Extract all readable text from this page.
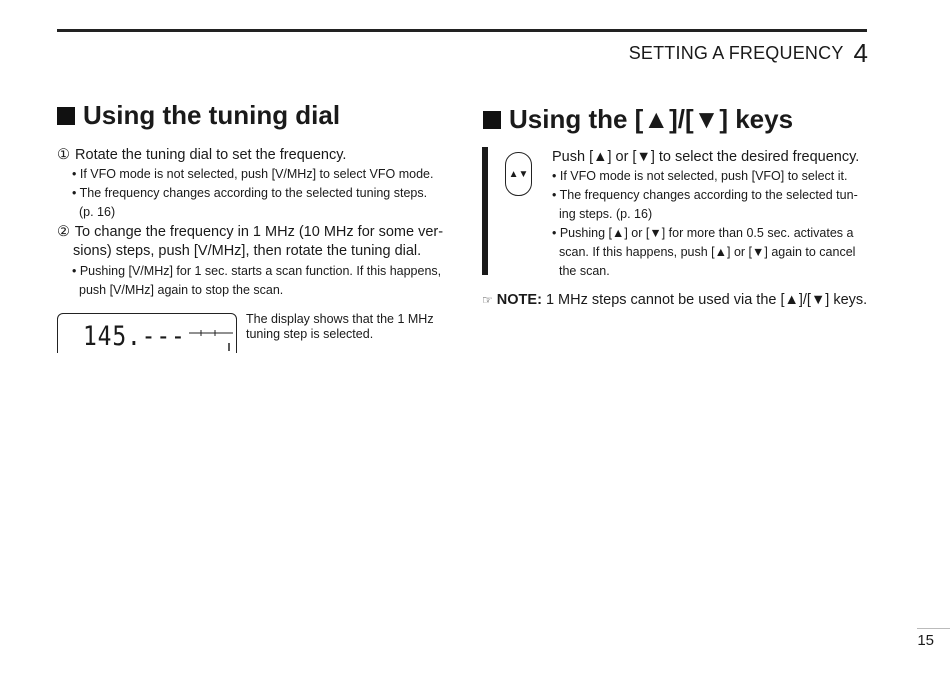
SETTING A FREQUENCY 4
Using the tuning dial
① Rotate the tuning dial to set the frequency.
• If VFO mode is not selected, push [V/MHz] to select VFO mode.
• The frequency changes according to the selected tuning steps.
(p. 16)
② To change the frequency in 1 MHz (10 MHz for some ver-
sions) steps, push [V/MHz], then rotate the tuning dial.
• Pushing [V/MHz] for 1 sec. starts a scan function. If this happens,
push [V/MHz] again to stop the scan.
145.---
The display shows that the 1 MHz
tuning step is selected.
Using the [▲]/[▼] keys
▲▼
Push [▲] or [▼] to select the desired frequency.
• If VFO mode is not selected, push [VFO] to select it.
• The frequency changes according to the selected tun-
ing steps. (p. 16)
• Pushing [▲] or [▼] for more than 0.5 sec. activates a
scan. If this happens, push [▲] or [▼] again to cancel
the scan.
☞ NOTE: 1 MHz steps cannot be used via the [▲]/[▼] keys.
15
